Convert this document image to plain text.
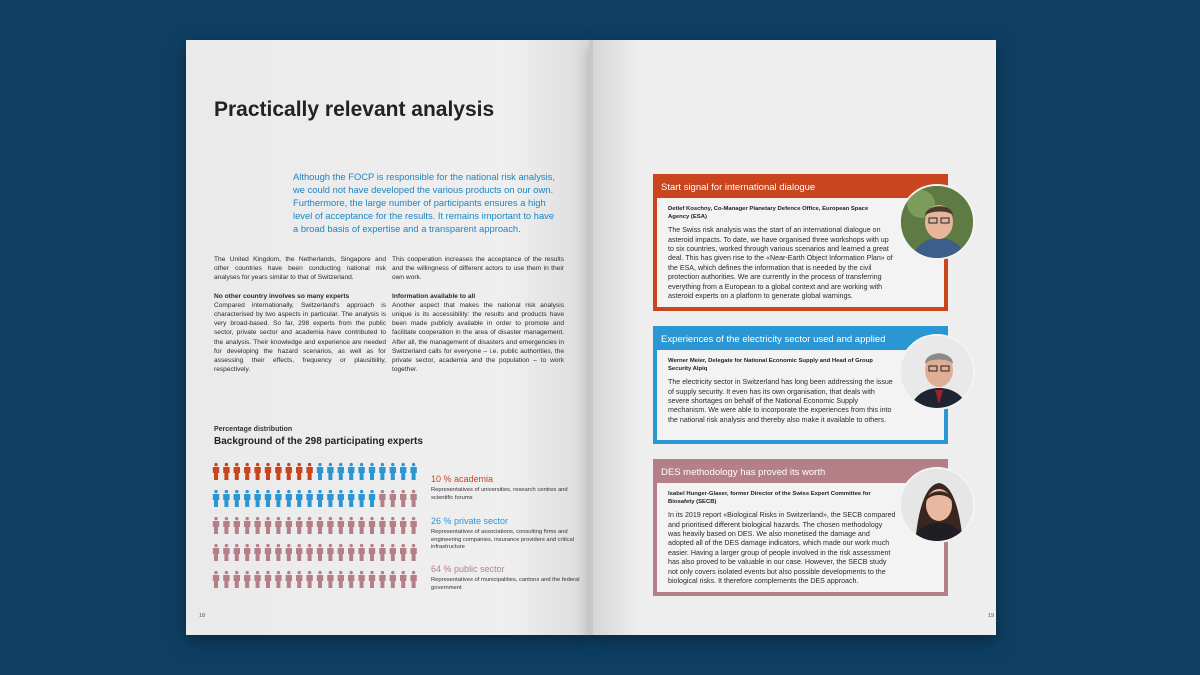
Practically relevant analysis
Although the FOCP is responsible for the national risk analysis, we could not have developed the various products on our own. Furthermore, the large number of participants ensures a high level of acceptance for the results. It remains important to have a broad basis of expertise and a transparent approach.

The United Kingdom, the Netherlands, Singapore and other countries have been conducting national risk analyses for years similar to that of Switzerland.

No other country involves so many experts

Compared internationally, Switzerland's approach is characterised by two aspects in particular. The analysis is very broad-based. So far, 298 experts from the public sector, private sector and academia have contributed to the analysis. Their knowledge and experience are needed for developing the hazard scenarios, as well as for assessing their effects, frequency or plausibility, respectively.

This cooperation increases the acceptance of the results and the willingness of different actors to use them in their own work.

Information available to all

Another aspect that makes the national risk analysis unique is its accessibility: the results and products have been made publicly available in order to promote and facilitate cooperation in the area of disaster management. After all, the management of disasters and emergencies in Switzerland calls for everyone – i.e. public authorities, the private sector, academia and the population – to work together.

Percentage distribution
Background of the 298 participating experts
10 % academia
Representatives of universities, research centres and scientific forums
26 % private sector
Representatives of associations, consulting firms and engineering companies, insurance providers and critical infrastructure
64 % public sector
Representatives of municipalities, cantons and the federal government
18	19
Start signal for international dialogue
Detlef Koschny, Co-Manager Planetary Defence Office, European Space Agency (ESA)
The Swiss risk analysis was the start of an international dialogue on asteroid impacts. To date, we have organised three workshops with up to six countries, worked through various scenarios and learned a great deal. This has given rise to the «Near-Earth Object Information Plan» of the ESA, which defines the information that is needed by the civil protection authorities. We are currently in the process of transferring everything from a European to a global context and are working with asteroid experts on a platform to generate global warnings.
Experiences of the electricity sector used and applied
Werner Meier, Delegate for National Economic Supply and Head of Group Security Alpiq
The electricity sector in Switzerland has long been addressing the issue of supply security. It even has its own organisation, that deals with severe shortages on behalf of the National Economic Supply mechanism. We were able to incorporate the experiences from this into the national risk analysis and thereby also make it available to others.
DES methodology has proved its worth
Isabel Hunger-Glaser, former Director of the Swiss Expert Committee for Biosafety (SECB)
In its 2019 report «Biological Risks in Switzerland», the SECB compared and prioritised different biological hazards. The chosen methodology was heavily based on DES. We also monetised the damage and adopted all of the DES damage indicators, which made our work much easier. Having a larger group of people involved in the risk assessment has also proved to be valuable in our case. However, the SECB study not only covers isolated events but also possible developments to the biological risks. It therefore complements the DES approach.
